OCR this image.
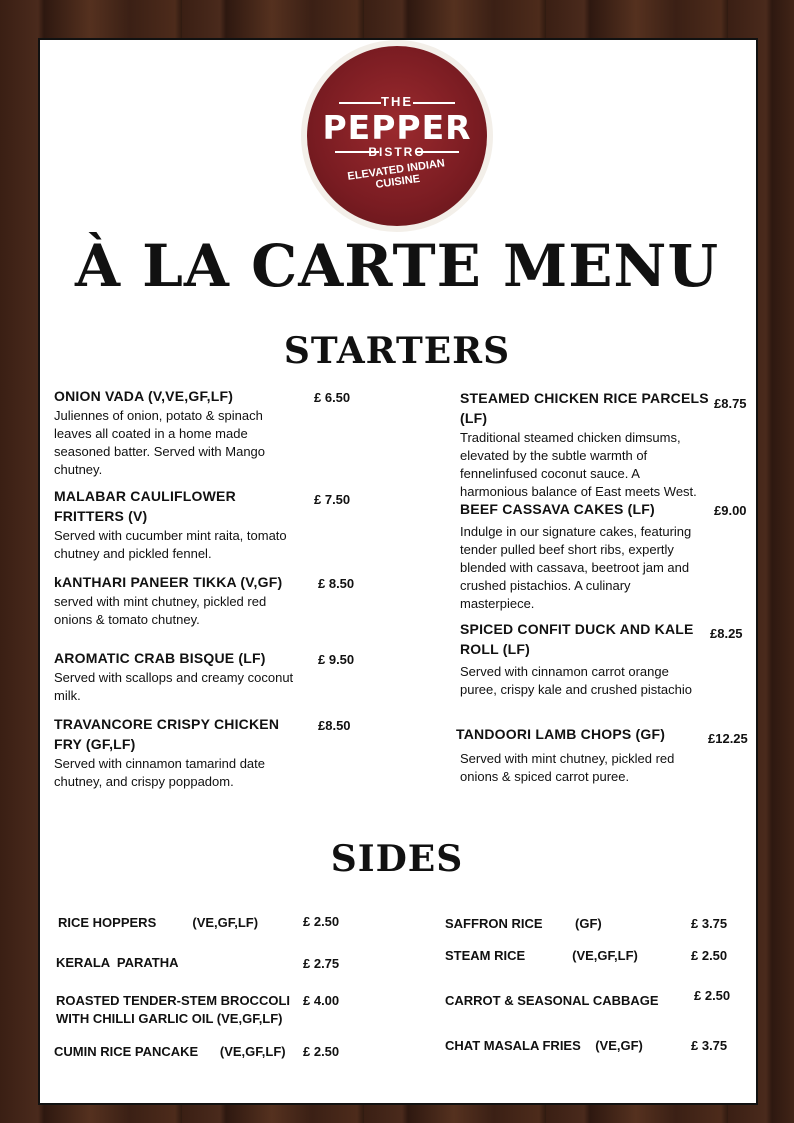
THE
PEPPER
BISTRO
ELEVATED INDIAN CUISINE
À LA CARTE MENU
STARTERS
ONION VADA (V,VE,GF,LF)
Juliennes of onion, potato & spinach leaves all coated in a home made seasoned batter. Served with Mango chutney.
£ 6.50
MALABAR CAULIFLOWER FRITTERS (V)
Served with cucumber mint raita, tomato chutney and pickled fennel.
£ 7.50
kANTHARI PANEER TIKKA (V,GF)
served with mint chutney, pickled red onions & tomato chutney.
£ 8.50
AROMATIC CRAB BISQUE (LF)
Served with scallops and creamy coconut milk.
£ 9.50
TRAVANCORE CRISPY CHICKEN FRY (GF,LF)
Served with cinnamon tamarind date chutney, and crispy poppadom.
£8.50
STEAMED CHICKEN RICE PARCELS (LF)
Traditional steamed chicken dimsums, elevated by the subtle warmth of fennelinfused coconut sauce. A harmonious balance of East meets West.
£8.75
BEEF CASSAVA CAKES (LF)
Indulge in our signature cakes, featuring tender pulled beef short ribs, expertly blended with cassava, beetroot jam and crushed pistachios. A culinary masterpiece.
£9.00
SPICED CONFIT DUCK AND KALE ROLL (LF)
Served with cinnamon carrot orange puree, crispy kale and crushed pistachio
£8.25
TANDOORI LAMB CHOPS (GF)
Served with mint chutney, pickled red onions & spiced carrot puree.
£12.25
SIDES
RICE HOPPERS          (VE,GF,LF)	£ 2.50
KERALA  PARATHA	£ 2.75
ROASTED TENDER-STEM BROCCOLI WITH CHILLI GARLIC OIL (VE,GF,LF)
£ 4.00
CUMIN RICE PANCAKE      (VE,GF,LF)	£ 2.50
SAFFRON RICE         (GF)	£ 3.75
STEAM RICE             (VE,GF,LF)	£ 2.50
CARROT & SEASONAL CABBAGE	£ 2.50
CHAT MASALA FRIES    (VE,GF)	£ 3.75
